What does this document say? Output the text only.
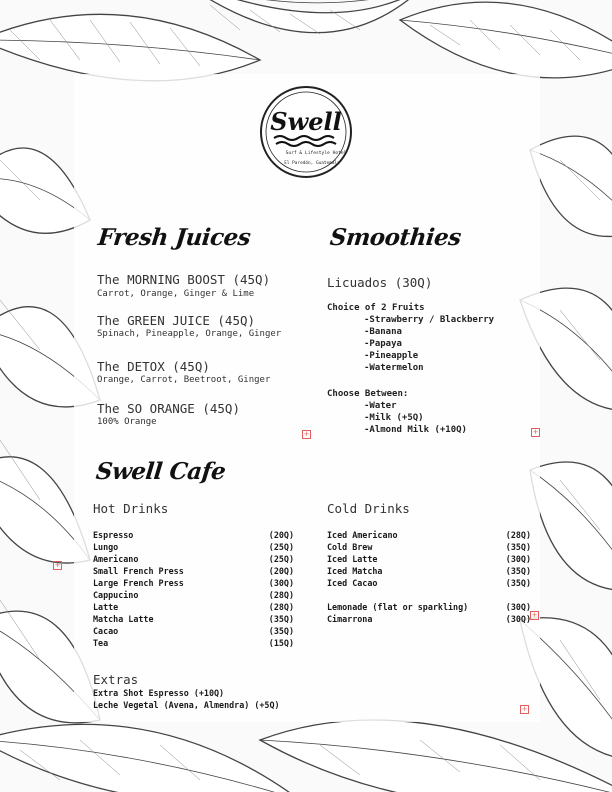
Swell
Surf & Lifestyle Hotel
El Paredón, Guatemala
Fresh Juices
The MORNING BOOST (45Q)
Carrot, Orange, Ginger & Lime
The GREEN JUICE (45Q)
Spinach, Pineapple, Orange, Ginger
The DETOX (45Q)
Orange, Carrot, Beetroot, Ginger
The SO ORANGE (45Q)
100% Orange
Smoothies
Licuados (30Q)
Choice of 2 Fruits
-Strawberry / Blackberry
-Banana
-Papaya
-Pineapple
-Watermelon
Choose Between:
-Water
-Milk (+5Q)
-Almond Milk (+10Q)
Swell Cafe
Hot Drinks	Cold Drinks
Espresso	(20Q)
Lungo	(25Q)
Americano	(25Q)
Small French Press	(20Q)
Large French Press	(30Q)
Cappucino	(28Q)
Latte	(28Q)
Matcha Latte	(35Q)
Cacao	(35Q)
Tea	(15Q)
Iced Americano	(28Q)
Cold Brew	(35Q)
Iced Latte	(30Q)
Iced Matcha	(35Q)
Iced Cacao	(35Q)
Lemonade (flat or sparkling)	(30Q)
Cimarrona	(30Q)
Extras
Extra Shot Espresso (+10Q)
Leche Vegetal (Avena, Almendra) (+5Q)
+	+
+
+
+
